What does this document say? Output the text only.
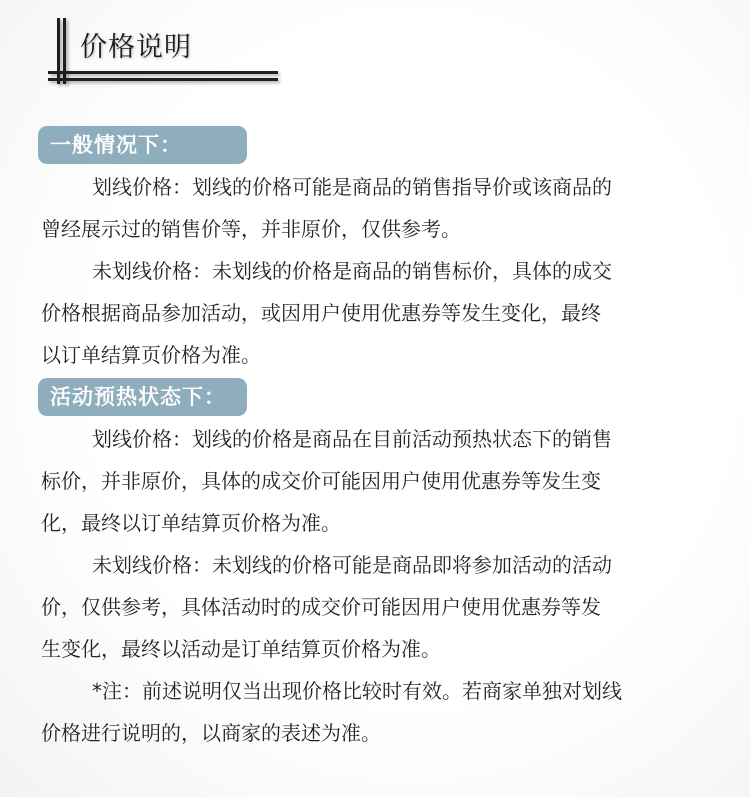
价格说明
一般情况下：
划线价格：划线的价格可能是商品的销售指导价或该商品的
曾经展示过的销售价等，并非原价，仅供参考。
未划线价格：未划线的价格是商品的销售标价，具体的成交
价格根据商品参加活动，或因用户使用优惠券等发生变化，最终
以订单结算页价格为准。
活动预热状态下：
划线价格：划线的价格是商品在目前活动预热状态下的销售
标价，并非原价，具体的成交价可能因用户使用优惠券等发生变
化，最终以订单结算页价格为准。
未划线价格：未划线的价格可能是商品即将参加活动的活动
价，仅供参考，具体活动时的成交价可能因用户使用优惠券等发
生变化，最终以活动是订单结算页价格为准。
*注：前述说明仅当出现价格比较时有效。若商家单独对划线
价格进行说明的，以商家的表述为准。
